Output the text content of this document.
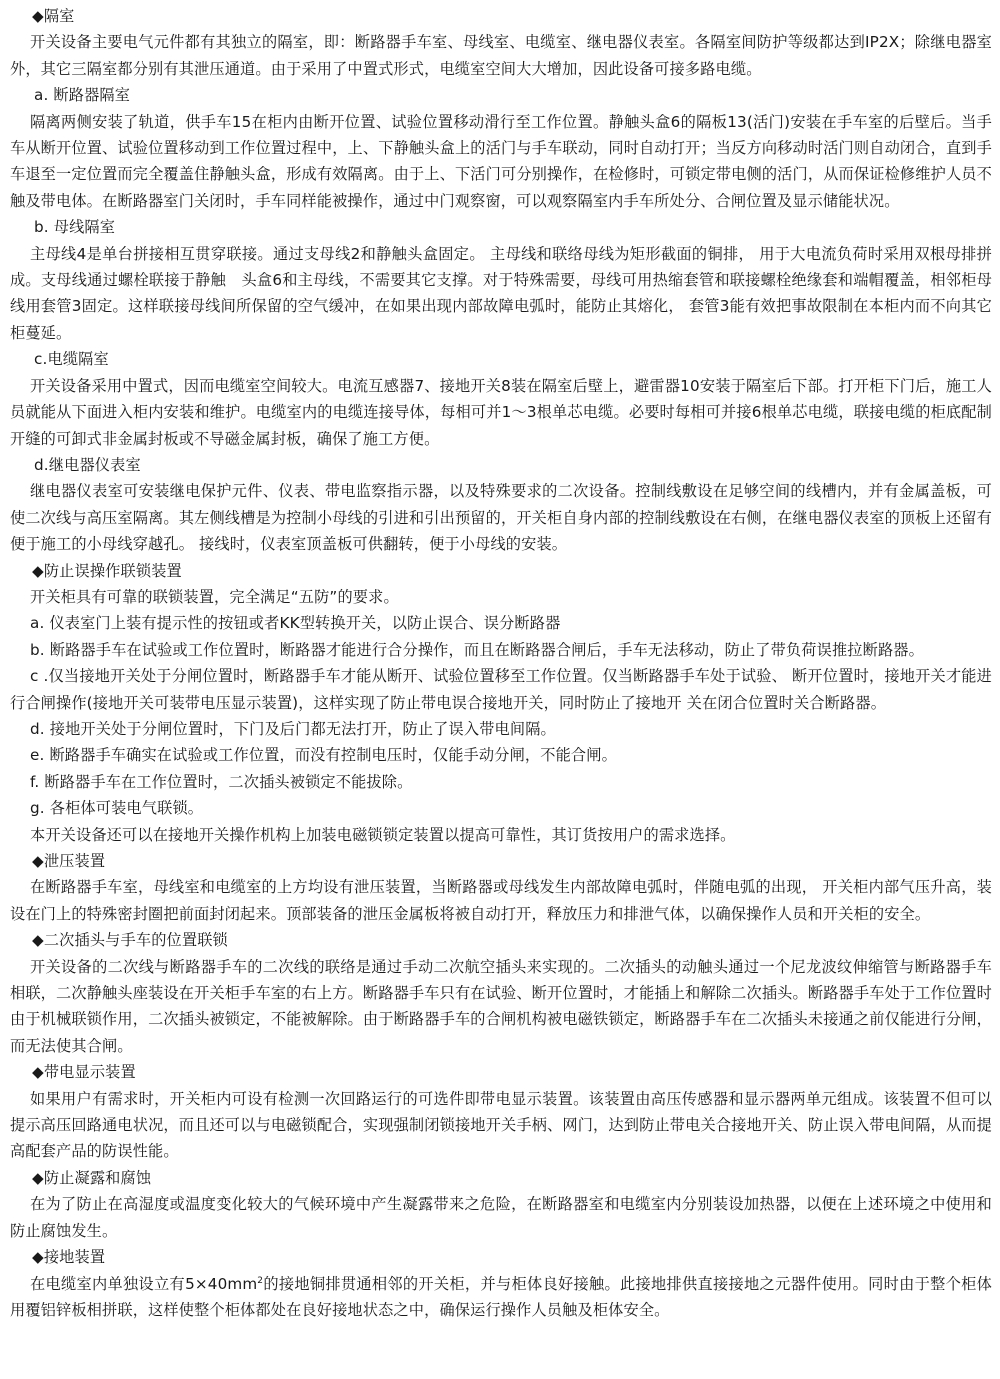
◆隔室

开关设备主要电气元件都有其独立的隔室，即：断路器手车室、母线室、电缆室、继电器仪表室。各隔室间防护等级都达到IP2X；除继电器室外，其它三隔室都分别有其泄压通道。由于采用了中置式形式，电缆室空间大大增加，因此设备可接多路电缆。

a. 断路器隔室

隔离两侧安装了轨道，供手车15在柜内由断开位置、试验位置移动滑行至工作位置。静触头盒6的隔板13(活门)安装在手车室的后壁后。当手车从断开位置、试验位置移动到工作位置过程中，上、下静触头盒上的活门与手车联动，同时自动打开；当反方向移动时活门则自动闭合，直到手车退至一定位置而完全覆盖住静触头盒，形成有效隔离。由于上、下活门可分别操作，在检修时，可锁定带电侧的活门，从而保证检修维护人员不触及带电体。在断路器室门关闭时，手车同样能被操作，通过中门观察窗，可以观察隔室内手车所处分、合闸位置及显示储能状况。

b. 母线隔室

主母线4是单台拼接相互贯穿联接。通过支母线2和静触头盒固定。 主母线和联络母线为矩形截面的铜排， 用于大电流负荷时采用双根母排拼成。支母线通过螺栓联接于静触　头盒6和主母线，不需要其它支撑。对于特殊需要，母线可用热缩套管和联接螺栓绝缘套和端帽覆盖，相邻柜母线用套管3固定。这样联接母线间所保留的空气缓冲，在如果出现内部故障电弧时，能防止其熔化， 套管3能有效把事故限制在本柜内而不向其它柜蔓延。

c.电缆隔室

开关设备采用中置式，因而电缆室空间较大。电流互感器7、接地开关8装在隔室后壁上，避雷器10安装于隔室后下部。打开柜下门后，施工人员就能从下面进入柜内安装和维护。电缆室内的电缆连接导体，每相可并1～3根单芯电缆。必要时每相可并接6根单芯电缆，联接电缆的柜底配制开缝的可卸式非金属封板或不导磁金属封板，确保了施工方便。

d.继电器仪表室

继电器仪表室可安装继电保护元件、仪表、带电监察指示器，以及特殊要求的二次设备。控制线敷设在足够空间的线槽内，并有金属盖板，可使二次线与高压室隔离。其左侧线槽是为控制小母线的引进和引出预留的，开关柜自身内部的控制线敷设在右侧，在继电器仪表室的顶板上还留有便于施工的小母线穿越孔。 接线时，仪表室顶盖板可供翻转，便于小母线的安装。

◆防止误操作联锁装置

开关柜具有可靠的联锁装置，完全满足“五防”的要求。

a. 仪表室门上装有提示性的按钮或者KK型转换开关，以防止误合、误分断路器

b. 断路器手车在试验或工作位置时，断路器才能进行合分操作，而且在断路器合闸后，手车无法移动，防止了带负荷误推拉断路器。

c .仅当接地开关处于分闸位置时，断路器手车才能从断开、试验位置移至工作位置。仅当断路器手车处于试验、 断开位置时，接地开关才能进行合闸操作(接地开关可装带电压显示装置)，这样实现了防止带电误合接地开关，同时防止了接地开 关在闭合位置时关合断路器。

d. 接地开关处于分闸位置时，下门及后门都无法打开，防止了误入带电间隔。

e. 断路器手车确实在试验或工作位置，而没有控制电压时，仅能手动分闸，不能合闸。

f. 断路器手车在工作位置时，二次插头被锁定不能拔除。

g. 各柜体可装电气联锁。

本开关设备还可以在接地开关操作机构上加装电磁锁锁定装置以提高可靠性，其订货按用户的需求选择。

◆泄压装置

在断路器手车室，母线室和电缆室的上方均设有泄压装置，当断路器或母线发生内部故障电弧时，伴随电弧的出现， 开关柜内部气压升高，装设在门上的特殊密封圈把前面封闭起来。顶部装备的泄压金属板将被自动打开，释放压力和排泄气体，以确保操作人员和开关柜的安全。

◆二次插头与手车的位置联锁

开关设备的二次线与断路器手车的二次线的联络是通过手动二次航空插头来实现的。二次插头的动触头通过一个尼龙波纹伸缩管与断路器手车相联，二次静触头座装设在开关柜手车室的右上方。断路器手车只有在试验、断开位置时，才能插上和解除二次插头。断路器手车处于工作位置时由于机械联锁作用，二次插头被锁定，不能被解除。由于断路器手车的合闸机构被电磁铁锁定，断路器手车在二次插头未接通之前仅能进行分闸，而无法使其合闸。

◆带电显示装置

如果用户有需求时，开关柜内可设有检测一次回路运行的可选件即带电显示装置。该装置由高压传感器和显示器两单元组成。该装置不但可以提示高压回路通电状况，而且还可以与电磁锁配合，实现强制闭锁接地开关手柄、网门，达到防止带电关合接地开关、防止误入带电间隔，从而提高配套产品的防误性能。

◆防止凝露和腐蚀

在为了防止在高湿度或温度变化较大的气候环境中产生凝露带来之危险，在断路器室和电缆室内分别装设加热器，以便在上述环境之中使用和防止腐蚀发生。

◆接地装置

在电缆室内单独设立有$5\times 40mm^2$的接地铜排贯通相邻的开关柜，并与柜体良好接触。此接地排供直接接地之元器件使用。同时由于整个柜体用覆铝锌板相拼联，这样使整个柜体都处在良好接地状态之中，确保运行操作人员触及柜体安全。
